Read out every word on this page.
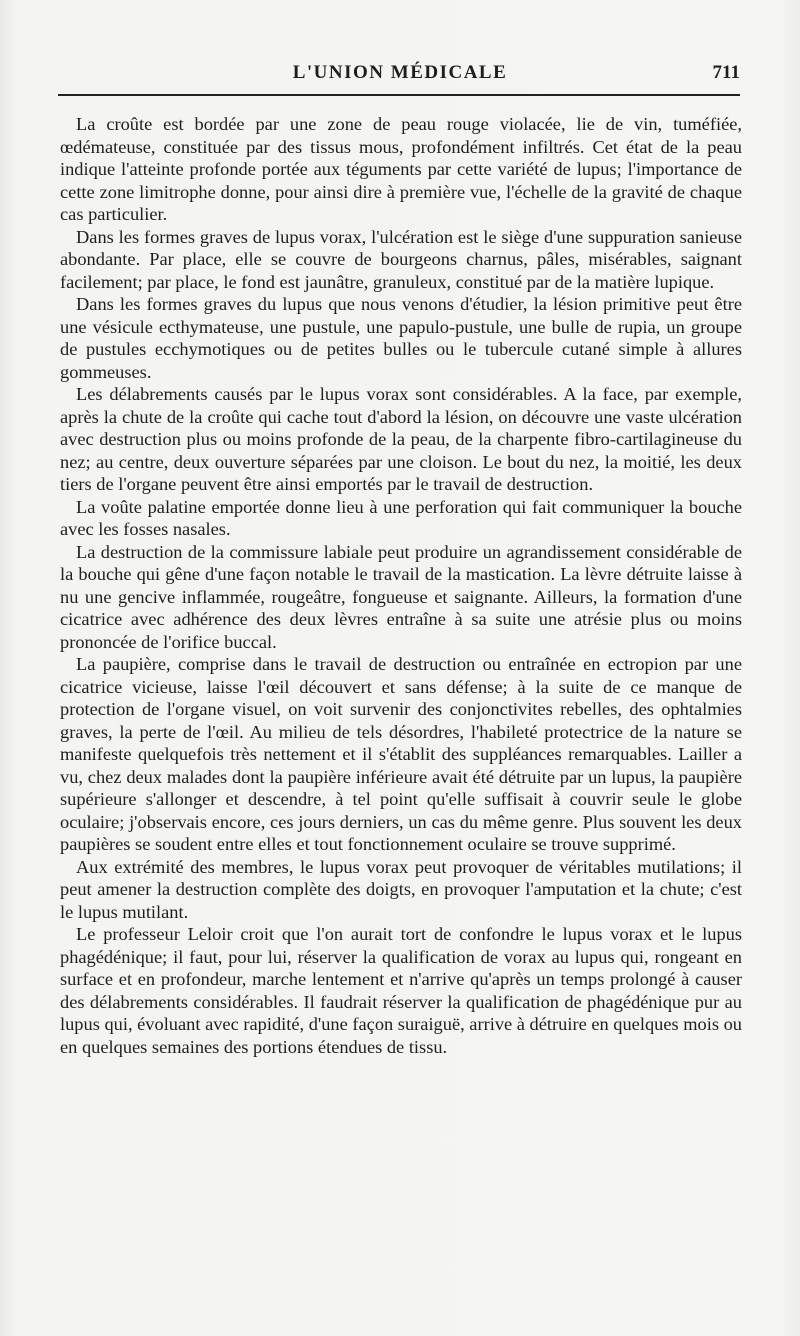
L'UNION MÉDICALE	711

La croûte est bordée par une zone de peau rouge violacée, lie de vin, tuméfiée, œdémateuse, constituée par des tissus mous, profondément infiltrés. Cet état de la peau indique l'atteinte profonde portée aux téguments par cette variété de lupus; l'importance de cette zone limitrophe donne, pour ainsi dire à première vue, l'échelle de la gravité de chaque cas particulier.

Dans les formes graves de lupus vorax, l'ulcération est le siège d'une suppuration sanieuse abondante. Par place, elle se couvre de bourgeons charnus, pâles, misérables, saignant facilement; par place, le fond est jaunâtre, granuleux, constitué par de la matière lupique.

Dans les formes graves du lupus que nous venons d'étudier, la lésion primitive peut être une vésicule ecthymateuse, une pustule, une papulo-pustule, une bulle de rupia, un groupe de pustules ecchymotiques ou de petites bulles ou le tubercule cutané simple à allures gommeuses.

Les délabrements causés par le lupus vorax sont considérables. A la face, par exemple, après la chute de la croûte qui cache tout d'abord la lésion, on découvre une vaste ulcération avec destruction plus ou moins profonde de la peau, de la charpente fibro-cartilagineuse du nez; au centre, deux ouverture séparées par une cloison. Le bout du nez, la moitié, les deux tiers de l'organe peuvent être ainsi emportés par le travail de destruction.

La voûte palatine emportée donne lieu à une perforation qui fait communiquer la bouche avec les fosses nasales.

La destruction de la commissure labiale peut produire un agrandissement considérable de la bouche qui gêne d'une façon notable le travail de la mastication. La lèvre détruite laisse à nu une gencive inflammée, rougeâtre, fongueuse et saignante. Ailleurs, la formation d'une cicatrice avec adhérence des deux lèvres entraîne à sa suite une atrésie plus ou moins prononcée de l'orifice buccal.

La paupière, comprise dans le travail de destruction ou entraînée en ectropion par une cicatrice vicieuse, laisse l'œil découvert et sans défense; à la suite de ce manque de protection de l'organe visuel, on voit survenir des conjonctivites rebelles, des ophtalmies graves, la perte de l'œil. Au milieu de tels désordres, l'habileté protectrice de la nature se manifeste quelquefois très nettement et il s'établit des suppléances remarquables. Lailler a vu, chez deux malades dont la paupière inférieure avait été détruite par un lupus, la paupière supérieure s'allonger et descendre, à tel point qu'elle suffisait à couvrir seule le globe oculaire; j'observais encore, ces jours derniers, un cas du même genre. Plus souvent les deux paupières se soudent entre elles et tout fonctionnement oculaire se trouve supprimé.

Aux extrémité des membres, le lupus vorax peut provoquer de véritables mutilations; il peut amener la destruction complète des doigts, en provoquer l'amputation et la chute; c'est le lupus mutilant.

Le professeur Leloir croit que l'on aurait tort de confondre le lupus vorax et le lupus phagédénique; il faut, pour lui, réserver la qualification de vorax au lupus qui, rongeant en surface et en profondeur, marche lentement et n'arrive qu'après un temps prolongé à causer des délabrements considérables. Il faudrait réserver la qualification de phagédénique pur au lupus qui, évoluant avec rapidité, d'une façon suraiguë, arrive à détruire en quelques mois ou en quelques semaines des portions étendues de tissu.
